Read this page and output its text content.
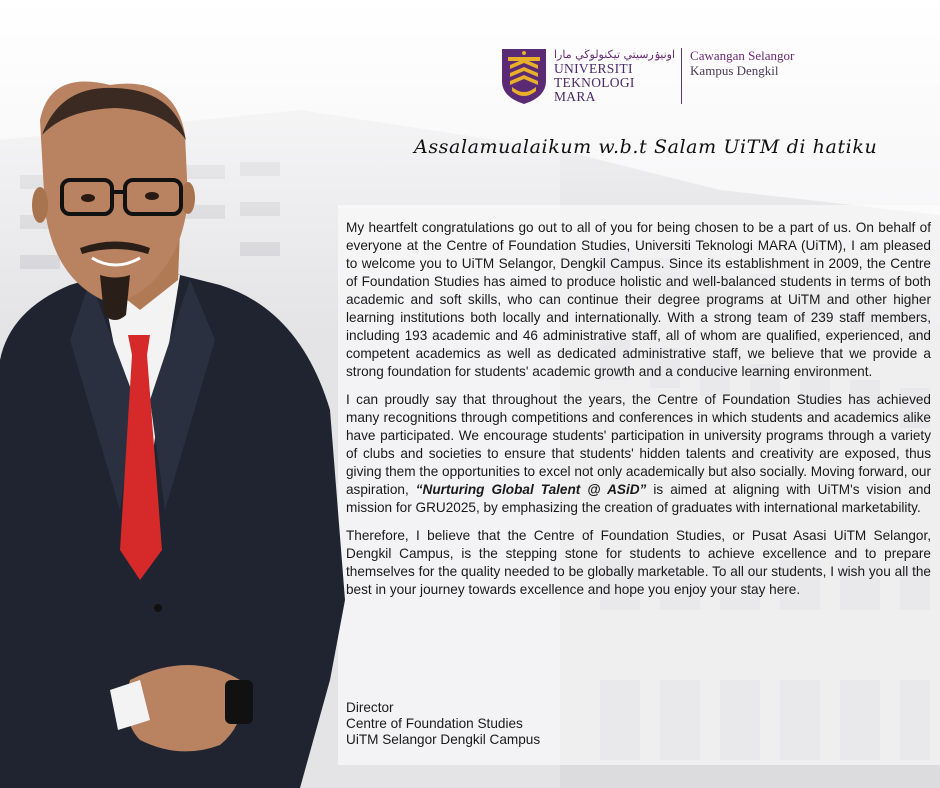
اونيۏرسيتي تيكنولوڬي مارا
UNIVERSITI
TEKNOLOGI
MARA
Cawangan Selangor
Kampus Dengkil
Assalamualaikum w.b.t Salam UiTM di hatiku

My heartfelt congratulations go out to all of you for being chosen to be a part of us. On behalf of everyone at the Centre of Foundation Studies, Universiti Teknologi MARA (UiTM), I am pleased to welcome you to UiTM Selangor, Dengkil Campus. Since its establishment in 2009, the Centre of Foundation Studies has aimed to produce holistic and well-balanced students in terms of both academic and soft skills, who can continue their degree programs at UiTM and other higher learning institutions both locally and internationally. With a strong team of 239 staff members, including 193 academic and 46 administrative staff, all of whom are qualified, experienced, and competent academics as well as dedicated administrative staff, we believe that we provide a strong foundation for students' academic growth and a conducive learning environment.

I can proudly say that throughout the years, the Centre of Foundation Studies has achieved many recognitions through competitions and conferences in which students and academics alike have participated. We encourage students' participation in university programs through a variety of clubs and societies to ensure that students' hidden talents and creativity are exposed, thus giving them the opportunities to excel not only academically but also socially. Moving forward, our aspiration, “Nurturing Global Talent @ ASiD” is aimed at aligning with UiTM's vision and mission for GRU2025, by emphasizing the creation of graduates with international marketability.

Therefore, I believe that the Centre of Foundation Studies, or Pusat Asasi UiTM Selangor, Dengkil Campus, is the stepping stone for students to achieve excellence and to prepare themselves for the quality needed to be globally marketable. To all our students, I wish you all the best in your journey towards excellence and hope you enjoy your stay here.

Director
Centre of Foundation Studies
UiTM Selangor Dengkil Campus
